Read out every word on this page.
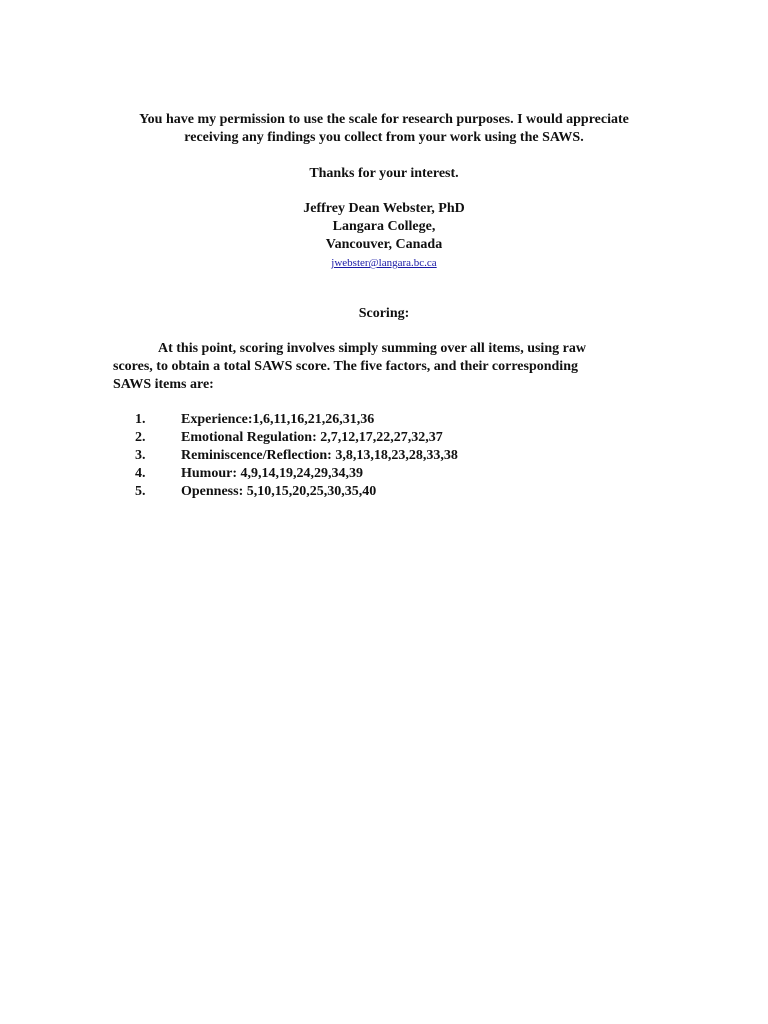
You have my permission to use the scale for research purposes. I would appreciate
receiving any findings you collect from your work using the SAWS.
Thanks for your interest.
Jeffrey Dean Webster, PhD
Langara College,
Vancouver, Canada
jwebster@langara.bc.ca
Scoring:
At this point, scoring involves simply summing over all items, using raw
scores, to obtain a total SAWS score. The five factors, and their corresponding
SAWS items are:
1.	Experience:1,6,11,16,21,26,31,36
2.	Emotional Regulation: 2,7,12,17,22,27,32,37
3.	Reminiscence/Reflection: 3,8,13,18,23,28,33,38
4.	Humour: 4,9,14,19,24,29,34,39
5.	Openness: 5,10,15,20,25,30,35,40
